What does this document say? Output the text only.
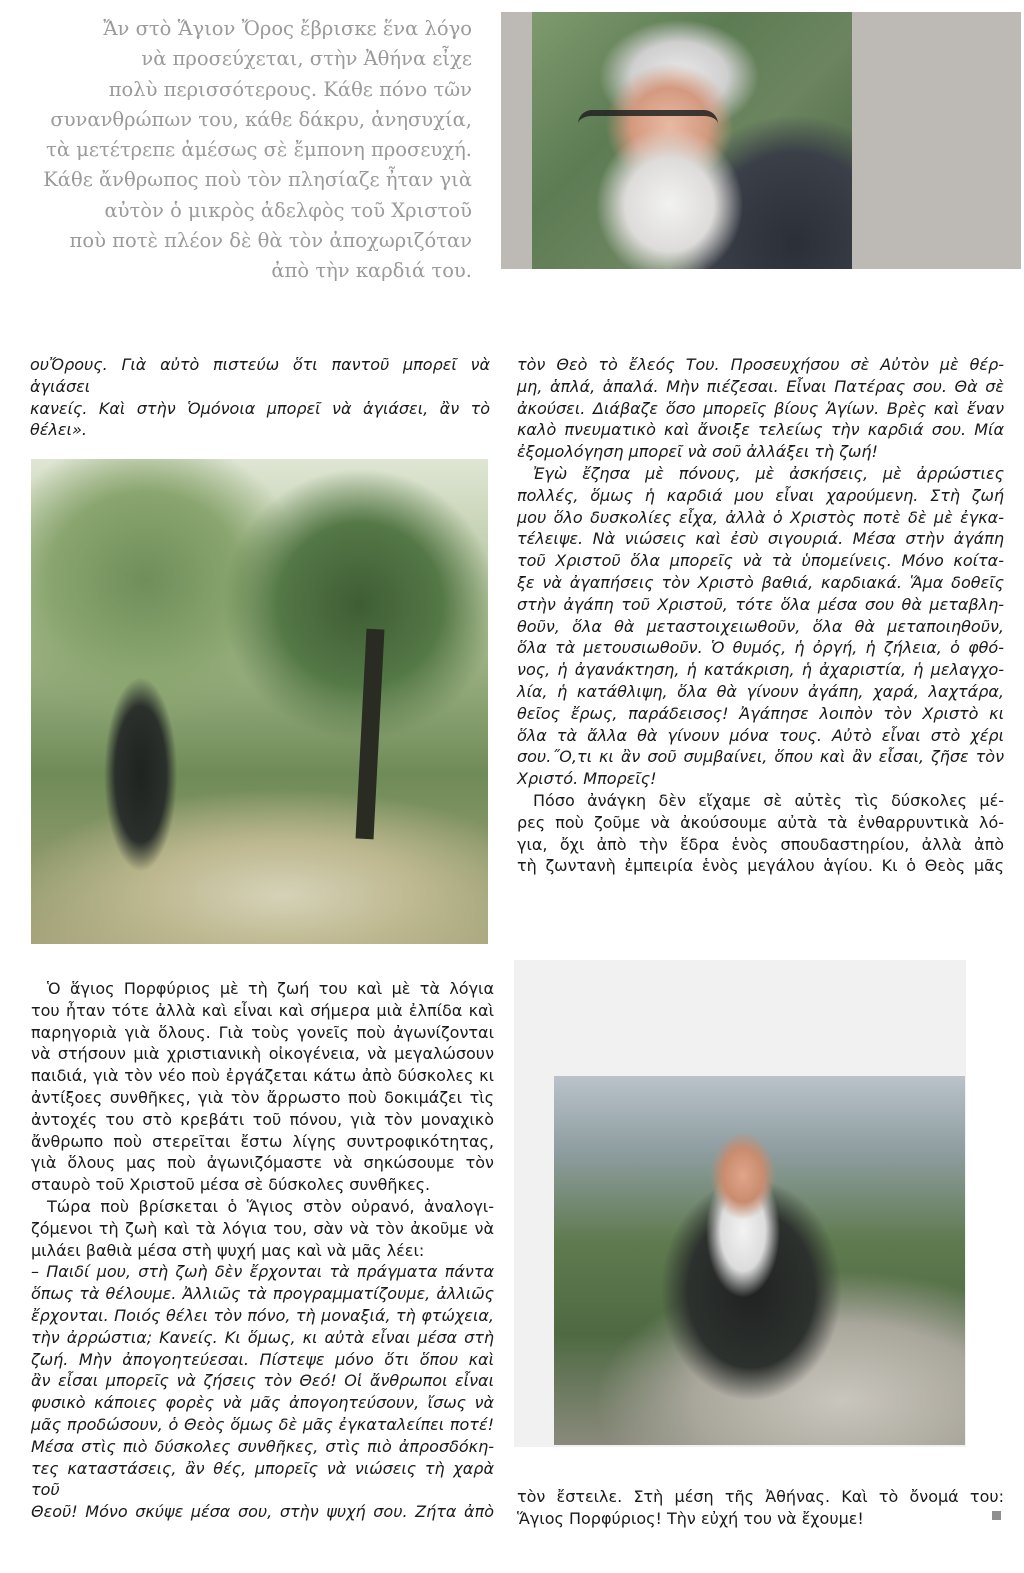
Ἄν στὸ Ἅγιον Ὄρος ἔβρισκε ἕνα λόγο
νὰ προσεύχεται, στὴν Ἀθήνα εἶχε
πολὺ περισσότερους. Κάθε πόνο τῶν
συνανθρώπων του, κάθε δάκρυ, ἀνησυχία,
τὰ μετέτρεπε ἀμέσως σὲ ἔμπονη προσευχή.
Κάθε ἄνθρωπος ποὺ τὸν πλησίαζε ἦταν γιὰ
αὐτὸν ὁ μικρὸς ἀδελφὸς τοῦ Χριστοῦ
ποὺ ποτὲ πλέον δὲ θὰ τὸν ἀποχωριζόταν
ἀπὸ τὴν καρδιά του.

ουὌρους. Γιὰ αὐτὸ πιστεύω ὅτι παντοῦ μπορεῖ νὰ ἁγιάσει
κανείς. Καὶ στὴν Ὁμόνοια μπορεῖ νὰ ἁγιάσει, ἂν τὸ θέλει».

τὸν Θεὸ τὸ ἔλεός Του. Προσευχήσου σὲ Αὐτὸν μὲ θέρ-
μη, ἁπλά, ἁπαλά. Μὴν πιέζεσαι. Εἶναι Πατέρας σου. Θὰ σὲ
ἀκούσει. Διάβαζε ὅσο μπορεῖς βίους Ἁγίων. Βρὲς καὶ ἕναν
καλὸ πνευματικὸ καὶ ἄνοιξε τελείως τὴν καρδιά σου. Μία
ἐξομολόγηση μπορεῖ νὰ σοῦ ἀλλάξει τὴ ζωή!

Ἐγὼ ἔζησα μὲ πόνους, μὲ ἀσκήσεις, μὲ ἀρρώστιες
πολλές, ὅμως ἡ καρδιά μου εἶναι χαρούμενη. Στὴ ζωή
μου ὅλο δυσκολίες εἶχα, ἀλλὰ ὁ Χριστὸς ποτὲ δὲ μὲ ἐγκα-
τέλειψε. Νὰ νιώσεις καὶ ἐσὺ σιγουριά. Μέσα στὴν ἀγάπη
τοῦ Χριστοῦ ὅλα μπορεῖς νὰ τὰ ὑπομείνεις. Μόνο κοίτα-
ξε νὰ ἀγαπήσεις τὸν Χριστὸ βαθιά, καρδιακά. Ἅμα δοθεῖς
στὴν ἀγάπη τοῦ Χριστοῦ, τότε ὅλα μέσα σου θὰ μεταβλη-
θοῦν, ὅλα θὰ μεταστοιχειωθοῦν, ὅλα θὰ μεταποιηθοῦν,
ὅλα τὰ μετουσιωθοῦν. Ὁ θυμός, ἡ ὀργή, ἡ ζήλεια, ὁ φθό-
νος, ἡ ἀγανάκτηση, ἡ κατάκριση, ἡ ἀχαριστία, ἡ μελαγχο-
λία, ἡ κατάθλιψη, ὅλα θὰ γίνουν ἀγάπη, χαρά, λαχτάρα,
θεῖος ἔρως, παράδεισος! Ἀγάπησε λοιπὸν τὸν Χριστὸ κι
ὅλα τὰ ἄλλα θὰ γίνουν μόνα τους. Αὐτὸ εἶναι στὸ χέρι
σου.˝Ο,τι κι ἂν σοῦ συμβαίνει, ὅπου καὶ ἂν εἶσαι, ζῆσε τὸν
Χριστό. Μπορεῖς!

Πόσο ἀνάγκη δὲν εἴχαμε σὲ αὐτὲς τὶς δύσκολες μέ-
ρες ποὺ ζοῦμε νὰ ἀκούσουμε αὐτὰ τὰ ἐνθαρρυντικὰ λό-
για, ὄχι ἀπὸ τὴν ἕδρα ἑνὸς σπουδαστηρίου, ἀλλὰ ἀπὸ
τὴ ζωντανὴ ἐμπειρία ἑνὸς μεγάλου ἁγίου. Κι ὁ Θεὸς μᾶς

Ὁ ἅγιος Πορφύριος μὲ τὴ ζωή του καὶ μὲ τὰ λόγια
του ἦταν τότε ἀλλὰ καὶ εἶναι καὶ σήμερα μιὰ ἐλπίδα καὶ
παρηγοριὰ γιὰ ὅλους. Γιὰ τοὺς γονεῖς ποὺ ἀγωνίζονται
νὰ στήσουν μιὰ χριστιανικὴ οἰκογένεια, νὰ μεγαλώσουν
παιδιά, γιὰ τὸν νέο ποὺ ἐργάζεται κάτω ἀπὸ δύσκολες κι
ἀντίξοες συνθῆκες, γιὰ τὸν ἄρρωστο ποὺ δοκιμάζει τὶς
ἀντοχές του στὸ κρεβάτι τοῦ πόνου, γιὰ τὸν μοναχικὸ
ἄνθρωπο ποὺ στερεῖται ἔστω λίγης συντροφικότητας,
γιὰ ὅλους μας ποὺ ἀγωνιζόμαστε νὰ σηκώσουμε τὸν
σταυρὸ τοῦ Χριστοῦ μέσα σὲ δύσκολες συνθῆκες.

Τώρα ποὺ βρίσκεται ὁ Ἅγιος στὸν οὐρανό, ἀναλογι-
ζόμενοι τὴ ζωὴ καὶ τὰ λόγια του, σὰν νὰ τὸν ἀκοῦμε νὰ
μιλάει βαθιὰ μέσα στὴ ψυχή μας καὶ νὰ μᾶς λέει:

– Παιδί μου, στὴ ζωὴ δὲν ἔρχονται τὰ πράγματα πάντα
ὅπως τὰ θέλουμε. Ἀλλιῶς τὰ προγραμματίζουμε, ἀλλιῶς
ἔρχονται. Ποιός θέλει τὸν πόνο, τὴ μοναξιά, τὴ φτώχεια,
τὴν ἀρρώστια; Κανείς. Κι ὅμως, κι αὐτὰ εἶναι μέσα στὴ
ζωή. Μὴν ἀπογοητεύεσαι. Πίστεψε μόνο ὅτι ὅπου καὶ
ἂν εἶσαι μπορεῖς νὰ ζήσεις τὸν Θεό! Οἱ ἄνθρωποι εἶναι
φυσικὸ κάποιες φορὲς νὰ μᾶς ἀπογοητεύσουν, ἴσως νὰ
μᾶς προδώσουν, ὁ Θεὸς ὅμως δὲ μᾶς ἐγκαταλείπει ποτέ!
Μέσα στὶς πιὸ δύσκολες συνθῆκες, στὶς πιὸ ἀπροσδόκη-
τες καταστάσεις, ἂν θές, μπορεῖς νὰ νιώσεις τὴ χαρὰ τοῦ
Θεοῦ! Μόνο σκύψε μέσα σου, στὴν ψυχή σου. Ζήτα ἀπὸ

τὸν ἔστειλε. Στὴ μέση τῆς Ἀθήνας. Καὶ τὸ ὄνομά του:
Ἅγιος Πορφύριος! Τὴν εὐχή του νὰ ἔχουμε!
